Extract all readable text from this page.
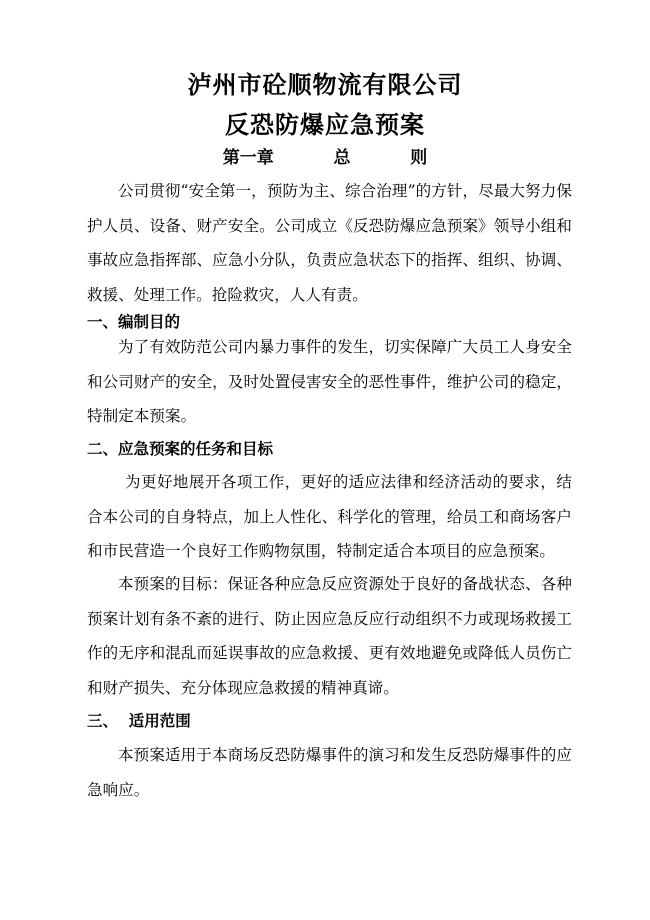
泸州市砼顺物流有限公司
反恐防爆应急预案
第一章   总   则

公司贯彻“安全第一，预防为主、综合治理”的方针，尽最大努力保护人员、设备、财产安全。公司成立《反恐防爆应急预案》领导小组和事故应急指挥部、应急小分队，负责应急状态下的指挥、组织、协调、救援、处理工作。抢险救灾，人人有责。

一、编制目的

为了有效防范公司内暴力事件的发生，切实保障广大员工人身安全和公司财产的安全，及时处置侵害安全的恶性事件，维护公司的稳定，特制定本预案。

二、应急预案的任务和目标

为更好地展开各项工作，更好的适应法律和经济活动的要求，结合本公司的自身特点，加上人性化、科学化的管理，给员工和商场客户和市民营造一个良好工作购物氛围，特制定适合本项目的应急预案。

本预案的目标：保证各种应急反应资源处于良好的备战状态、各种预案计划有条不紊的进行、防止因应急反应行动组织不力或现场救援工作的无序和混乱而延误事故的应急救援、更有效地避免或降低人员伤亡和财产损失、充分体现应急救援的精神真谛。

三、  适用范围

本预案适用于本商场反恐防爆事件的演习和发生反恐防爆事件的应急响应。
